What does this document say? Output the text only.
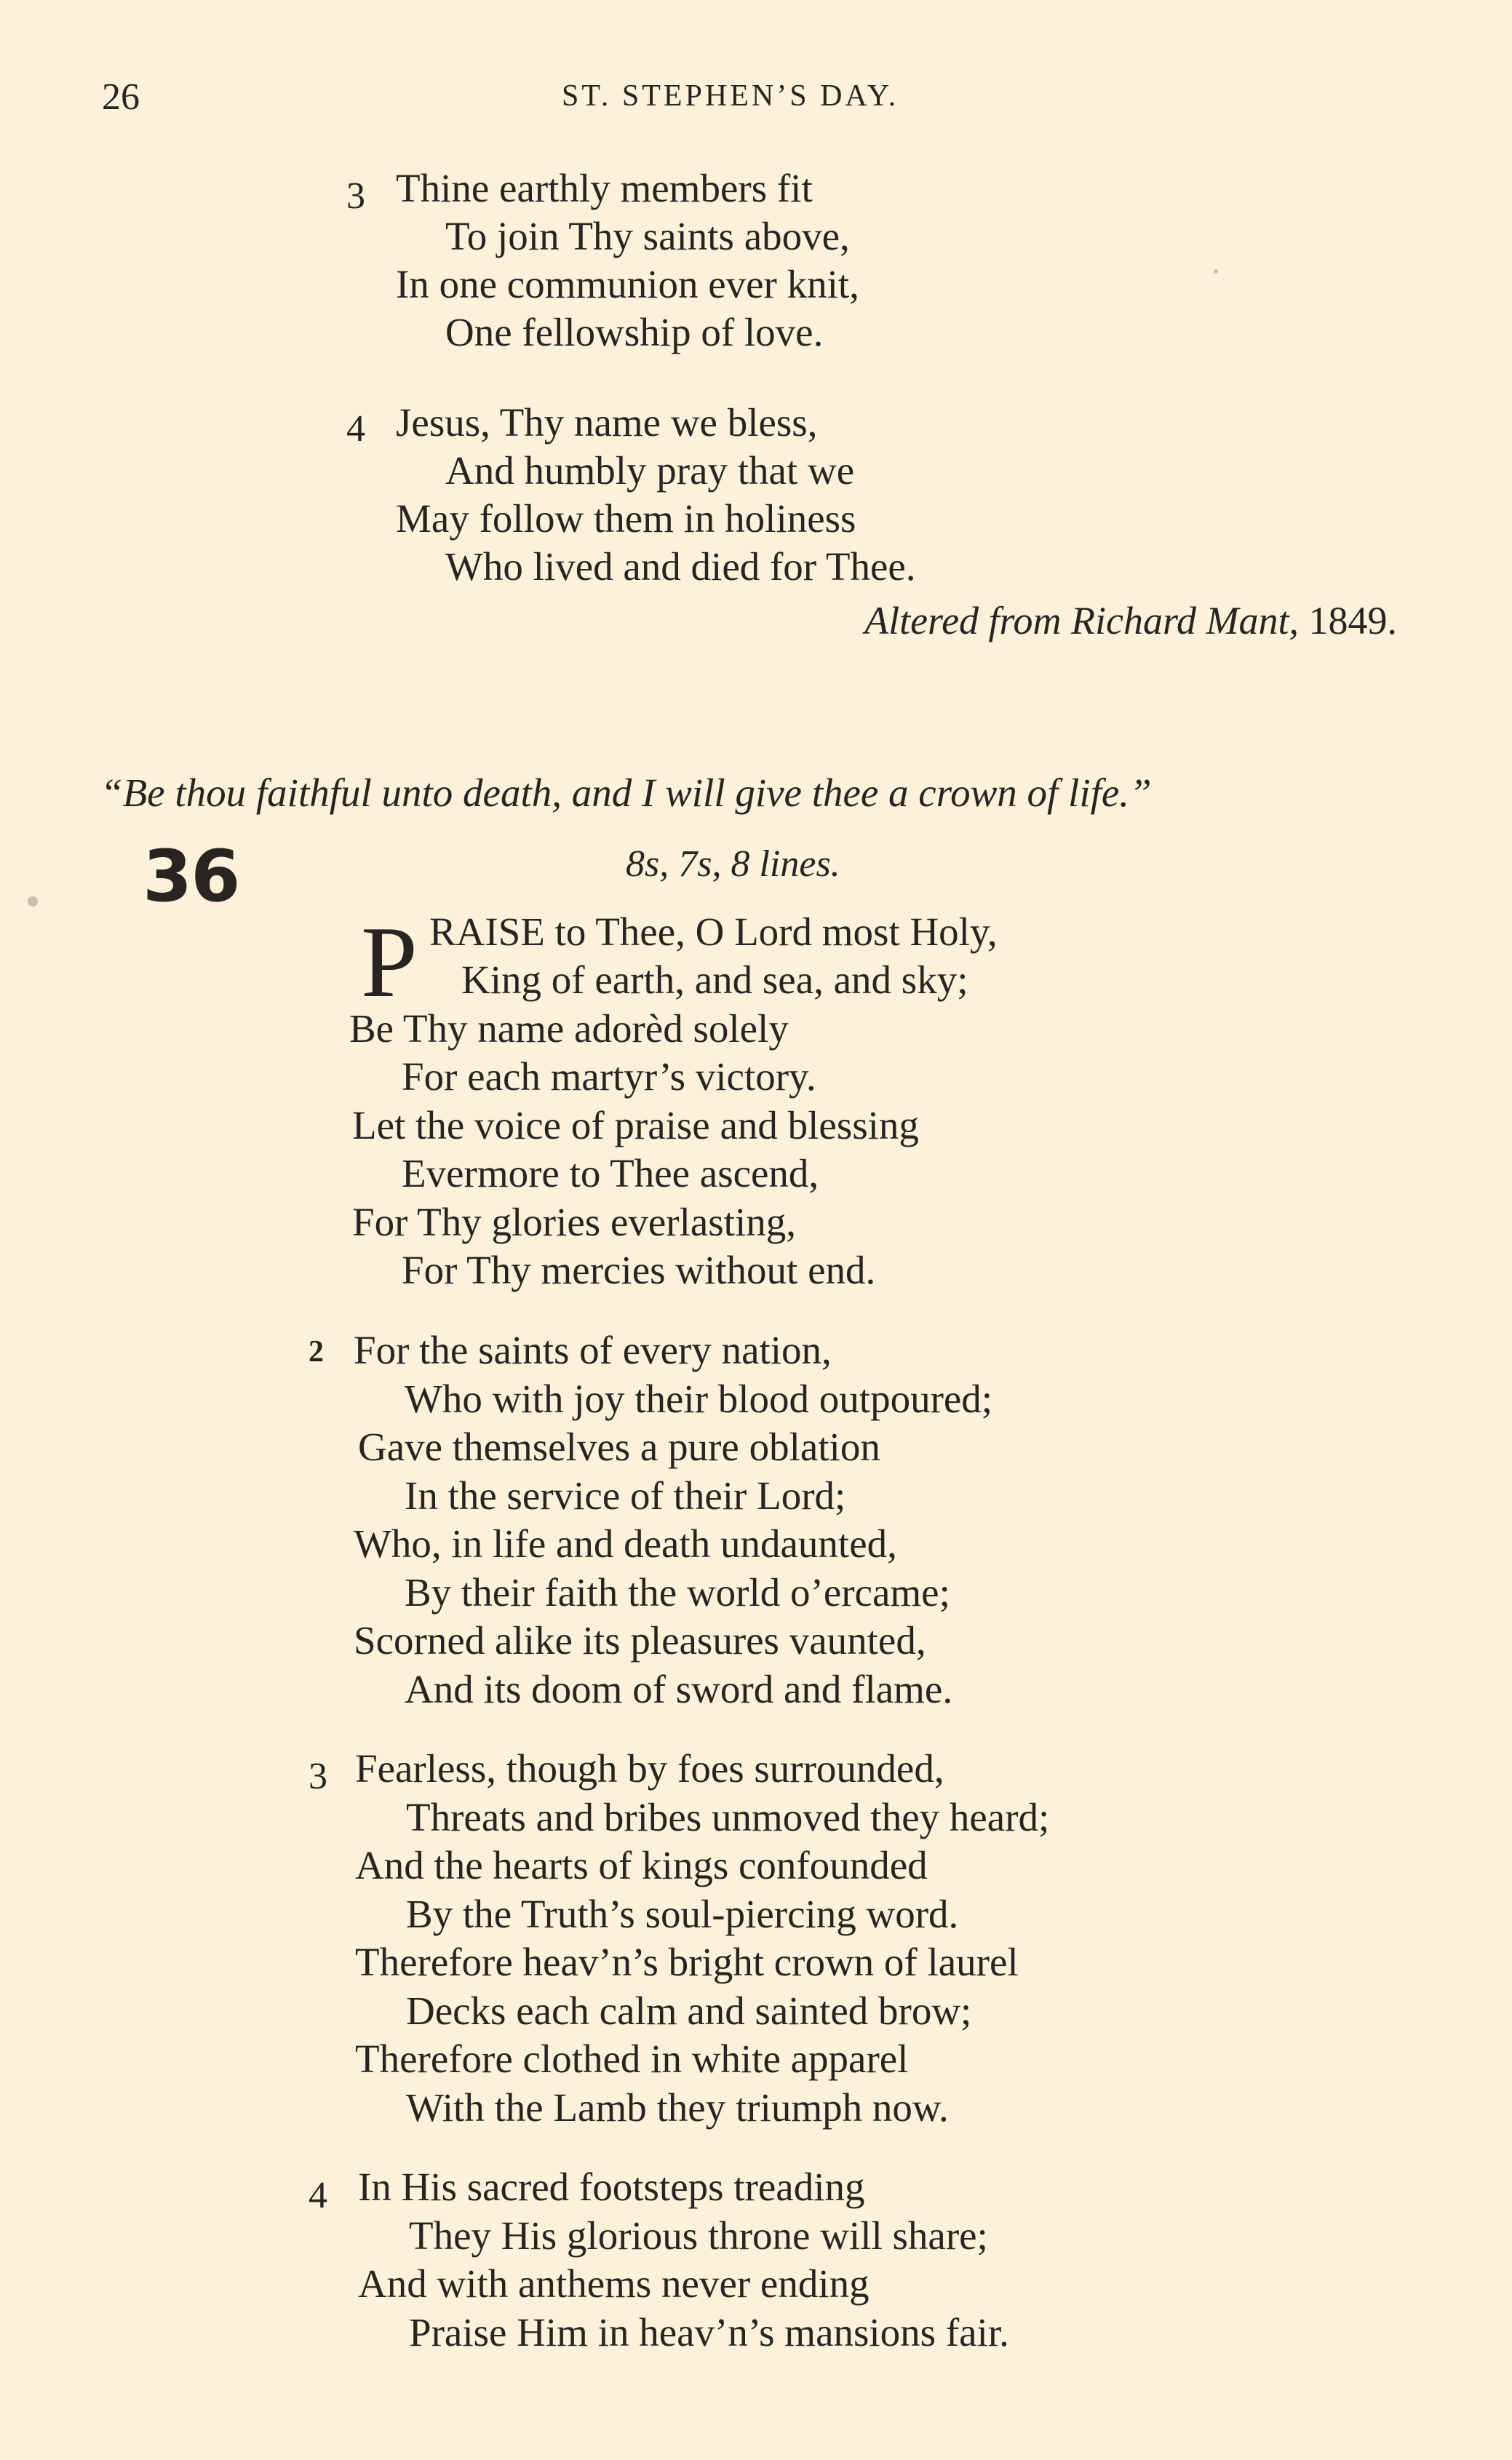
26	ST. STEPHEN’S DAY.
3 Thine earthly members fit
To join Thy saints above,
In one communion ever knit,
One fellowship of love.
4 Jesus, Thy name we bless,
And humbly pray that we
May follow them in holiness
Who lived and died for Thee.
Altered from Richard Mant, 1849.
“Be thou faithful unto death, and I will give thee a crown of life.”
36	8s, 7s, 8 lines.
P RAISE to Thee, O Lord most Holy,
King of earth, and sea, and sky;
Be Thy name adorèd solely
For each martyr’s victory.
Let the voice of praise and blessing
Evermore to Thee ascend,
For Thy glories everlasting,
For Thy mercies without end.
2 For the saints of every nation,
Who with joy their blood outpoured;
Gave themselves a pure oblation
In the service of their Lord;
Who, in life and death undaunted,
By their faith the world o’ercame;
Scorned alike its pleasures vaunted,
And its doom of sword and flame.
3 Fearless, though by foes surrounded,
Threats and bribes unmoved they heard;
And the hearts of kings confounded
By the Truth’s soul-piercing word.
Therefore heav’n’s bright crown of laurel
Decks each calm and sainted brow;
Therefore clothed in white apparel
With the Lamb they triumph now.
4 In His sacred footsteps treading
They His glorious throne will share;
And with anthems never ending
Praise Him in heav’n’s mansions fair.
